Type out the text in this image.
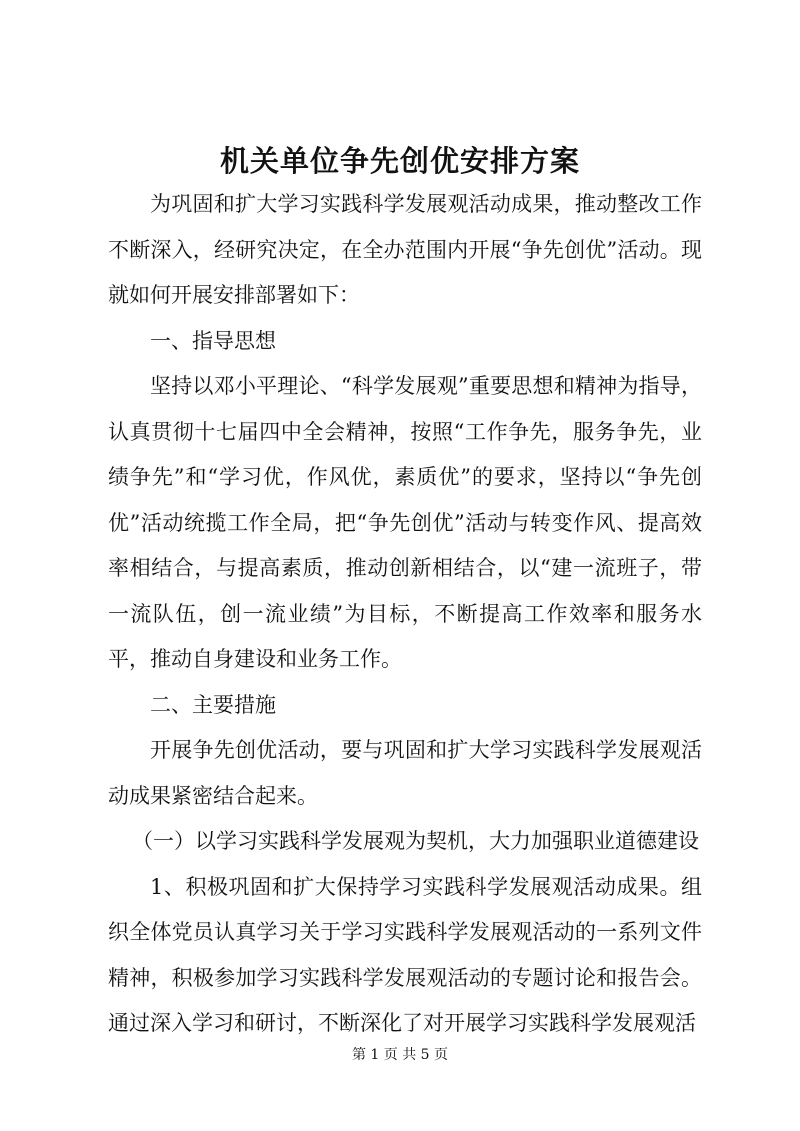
机关单位争先创优安排方案

为巩固和扩大学习实践科学发展观活动成果，推动整改工作不断深入，经研究决定，在全办范围内开展“争先创优”活动。现就如何开展安排部署如下：

一、指导思想

坚持以邓小平理论、“科学发展观”重要思想和精神为指导，认真贯彻十七届四中全会精神，按照“工作争先，服务争先，业绩争先”和“学习优，作风优，素质优”的要求，坚持以“争先创优”活动统揽工作全局，把“争先创优”活动与转变作风、提高效率相结合，与提高素质，推动创新相结合，以“建一流班子，带一流队伍，创一流业绩”为目标，不断提高工作效率和服务水平，推动自身建设和业务工作。

二、主要措施

开展争先创优活动，要与巩固和扩大学习实践科学发展观活动成果紧密结合起来。

（一）以学习实践科学发展观为契机，大力加强职业道德建设

1、积极巩固和扩大保持学习实践科学发展观活动成果。组织全体党员认真学习关于学习实践科学发展观活动的一系列文件精神，积极参加学习实践科学发展观活动的专题讨论和报告会。通过深入学习和研讨，不断深化了对开展学习实践科学发展观活

第 1 页 共 5 页
